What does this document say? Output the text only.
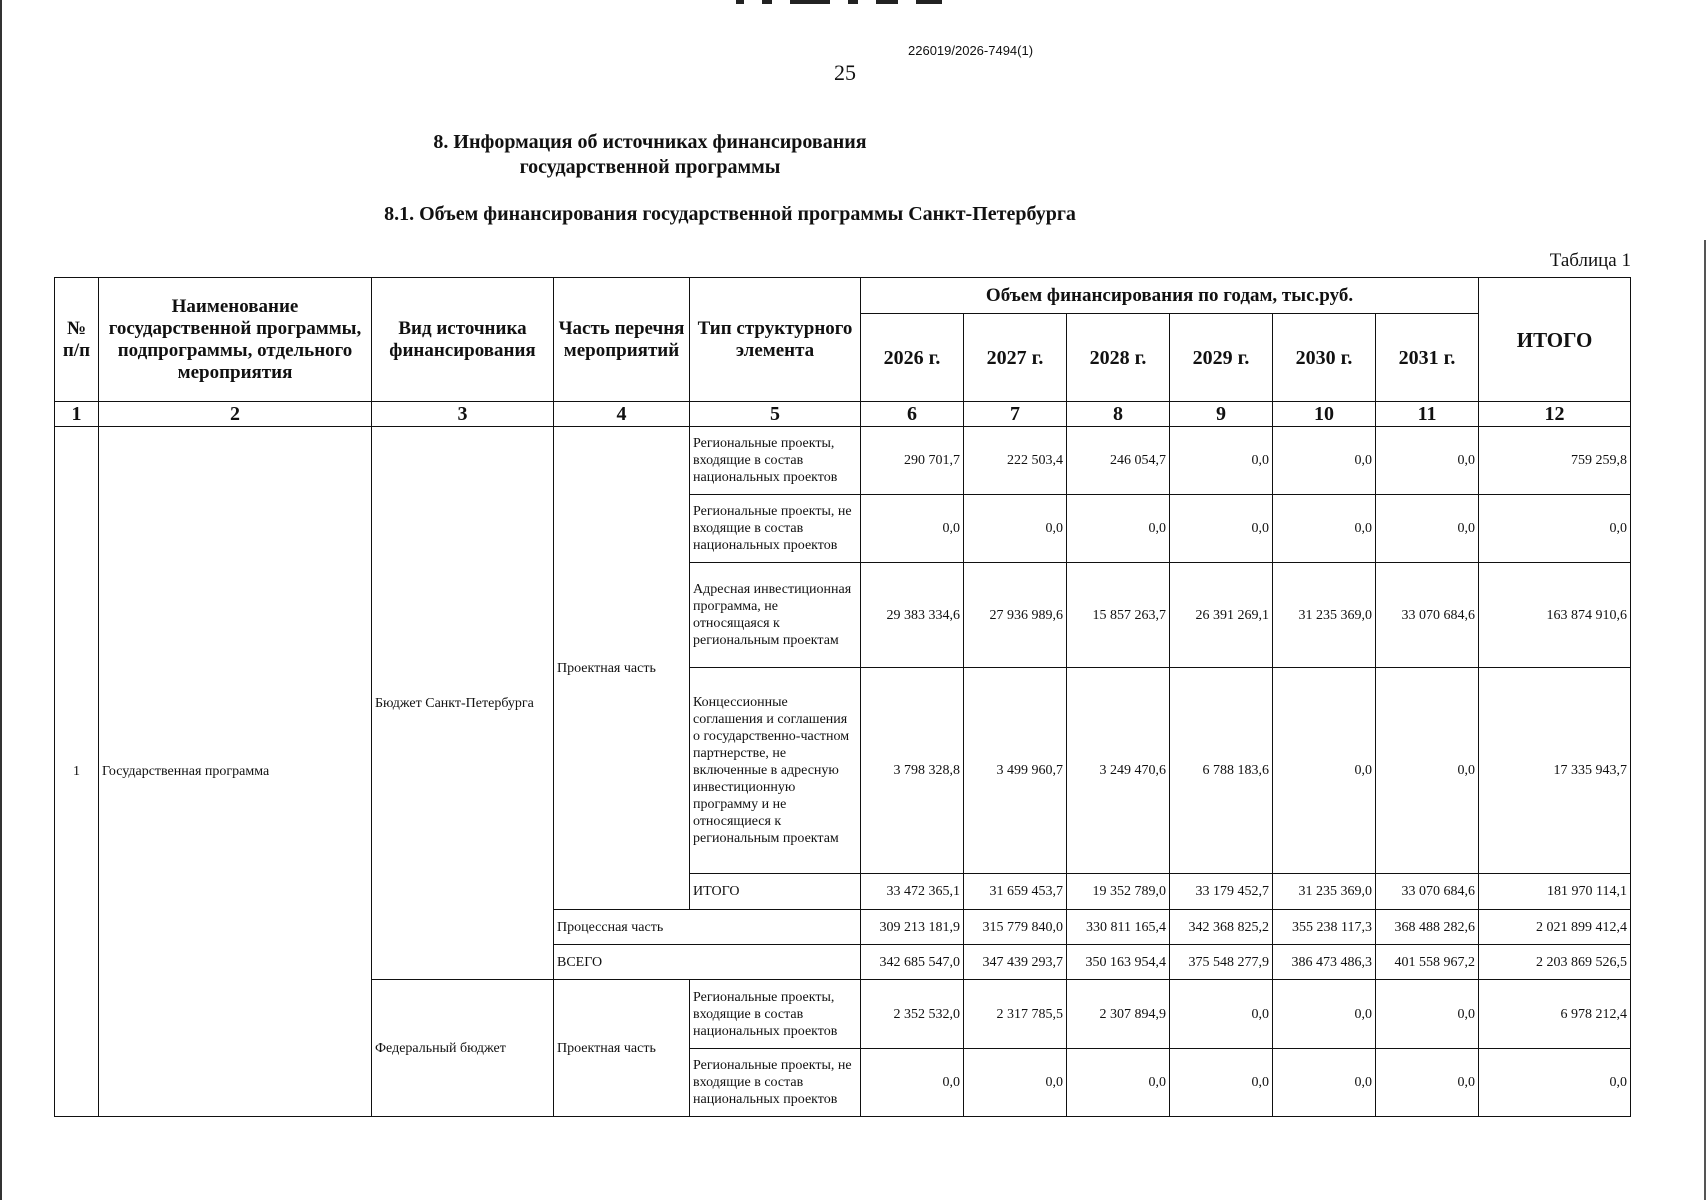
226019/2026-7494(1)
25
8. Информация об источниках финансирования
государственной программы
8.1. Объем финансирования государственной программы Санкт-Петербурга
Таблица 1
№ п/п	Наименование государственной программы, подпрограммы, отдельного мероприятия	Вид источника финансирования	Часть перечня мероприятий	Тип структурного элемента	Объем финансирования по годам, тыс.руб.						ИТОГО
					2026 г.	2027 г.	2028 г.	2029 г.	2030 г.	2031 г.	
1	2	3	4	5	6	7	8	9	10	11	12
1	Государственная программа	Бюджет Санкт-Петербурга	Проектная часть	Региональные проекты, входящие в состав национальных проектов	290 701,7	222 503,4	246 054,7	0,0	0,0	0,0	759 259,8
				Региональные проекты, не входящие в состав национальных проектов	0,0	0,0	0,0	0,0	0,0	0,0	0,0
				Адресная инвестиционная программа, не относящаяся к региональным проектам	29 383 334,6	27 936 989,6	15 857 263,7	26 391 269,1	31 235 369,0	33 070 684,6	163 874 910,6
				Концессионные соглашения и соглашения о государственно-частном партнерстве, не включенные в адресную инвестиционную программу и не относящиеся к региональным проектам	3 798 328,8	3 499 960,7	3 249 470,6	6 788 183,6	0,0	0,0	17 335 943,7
				ИТОГО	33 472 365,1	31 659 453,7	19 352 789,0	33 179 452,7	31 235 369,0	33 070 684,6	181 970 114,1
			Процессная часть		309 213 181,9	315 779 840,0	330 811 165,4	342 368 825,2	355 238 117,3	368 488 282,6	2 021 899 412,4
			ВСЕГО		342 685 547,0	347 439 293,7	350 163 954,4	375 548 277,9	386 473 486,3	401 558 967,2	2 203 869 526,5
		Федеральный бюджет	Проектная часть	Региональные проекты, входящие в состав национальных проектов	2 352 532,0	2 317 785,5	2 307 894,9	0,0	0,0	0,0	6 978 212,4
				Региональные проекты, не входящие в состав национальных проектов	0,0	0,0	0,0	0,0	0,0	0,0	0,0
